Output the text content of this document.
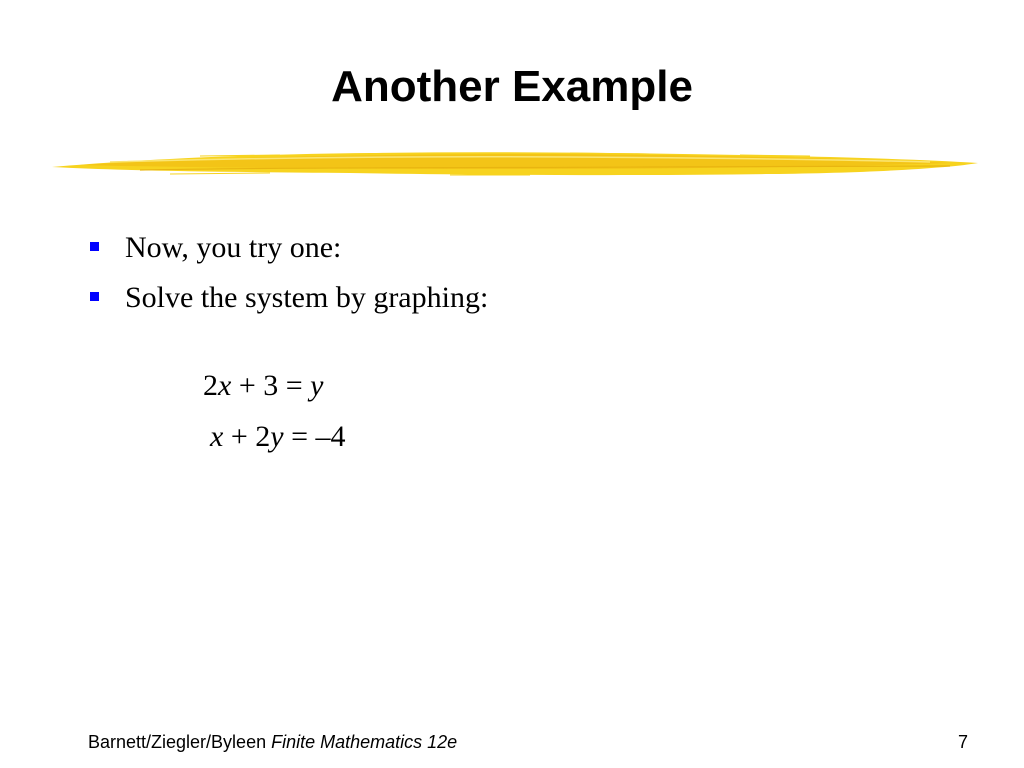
Another Example
Now, you try one:
Solve the system by graphing:
2x + 3 = y
x + 2y = –4
Barnett/Ziegler/Byleen Finite Mathematics 12e	7
